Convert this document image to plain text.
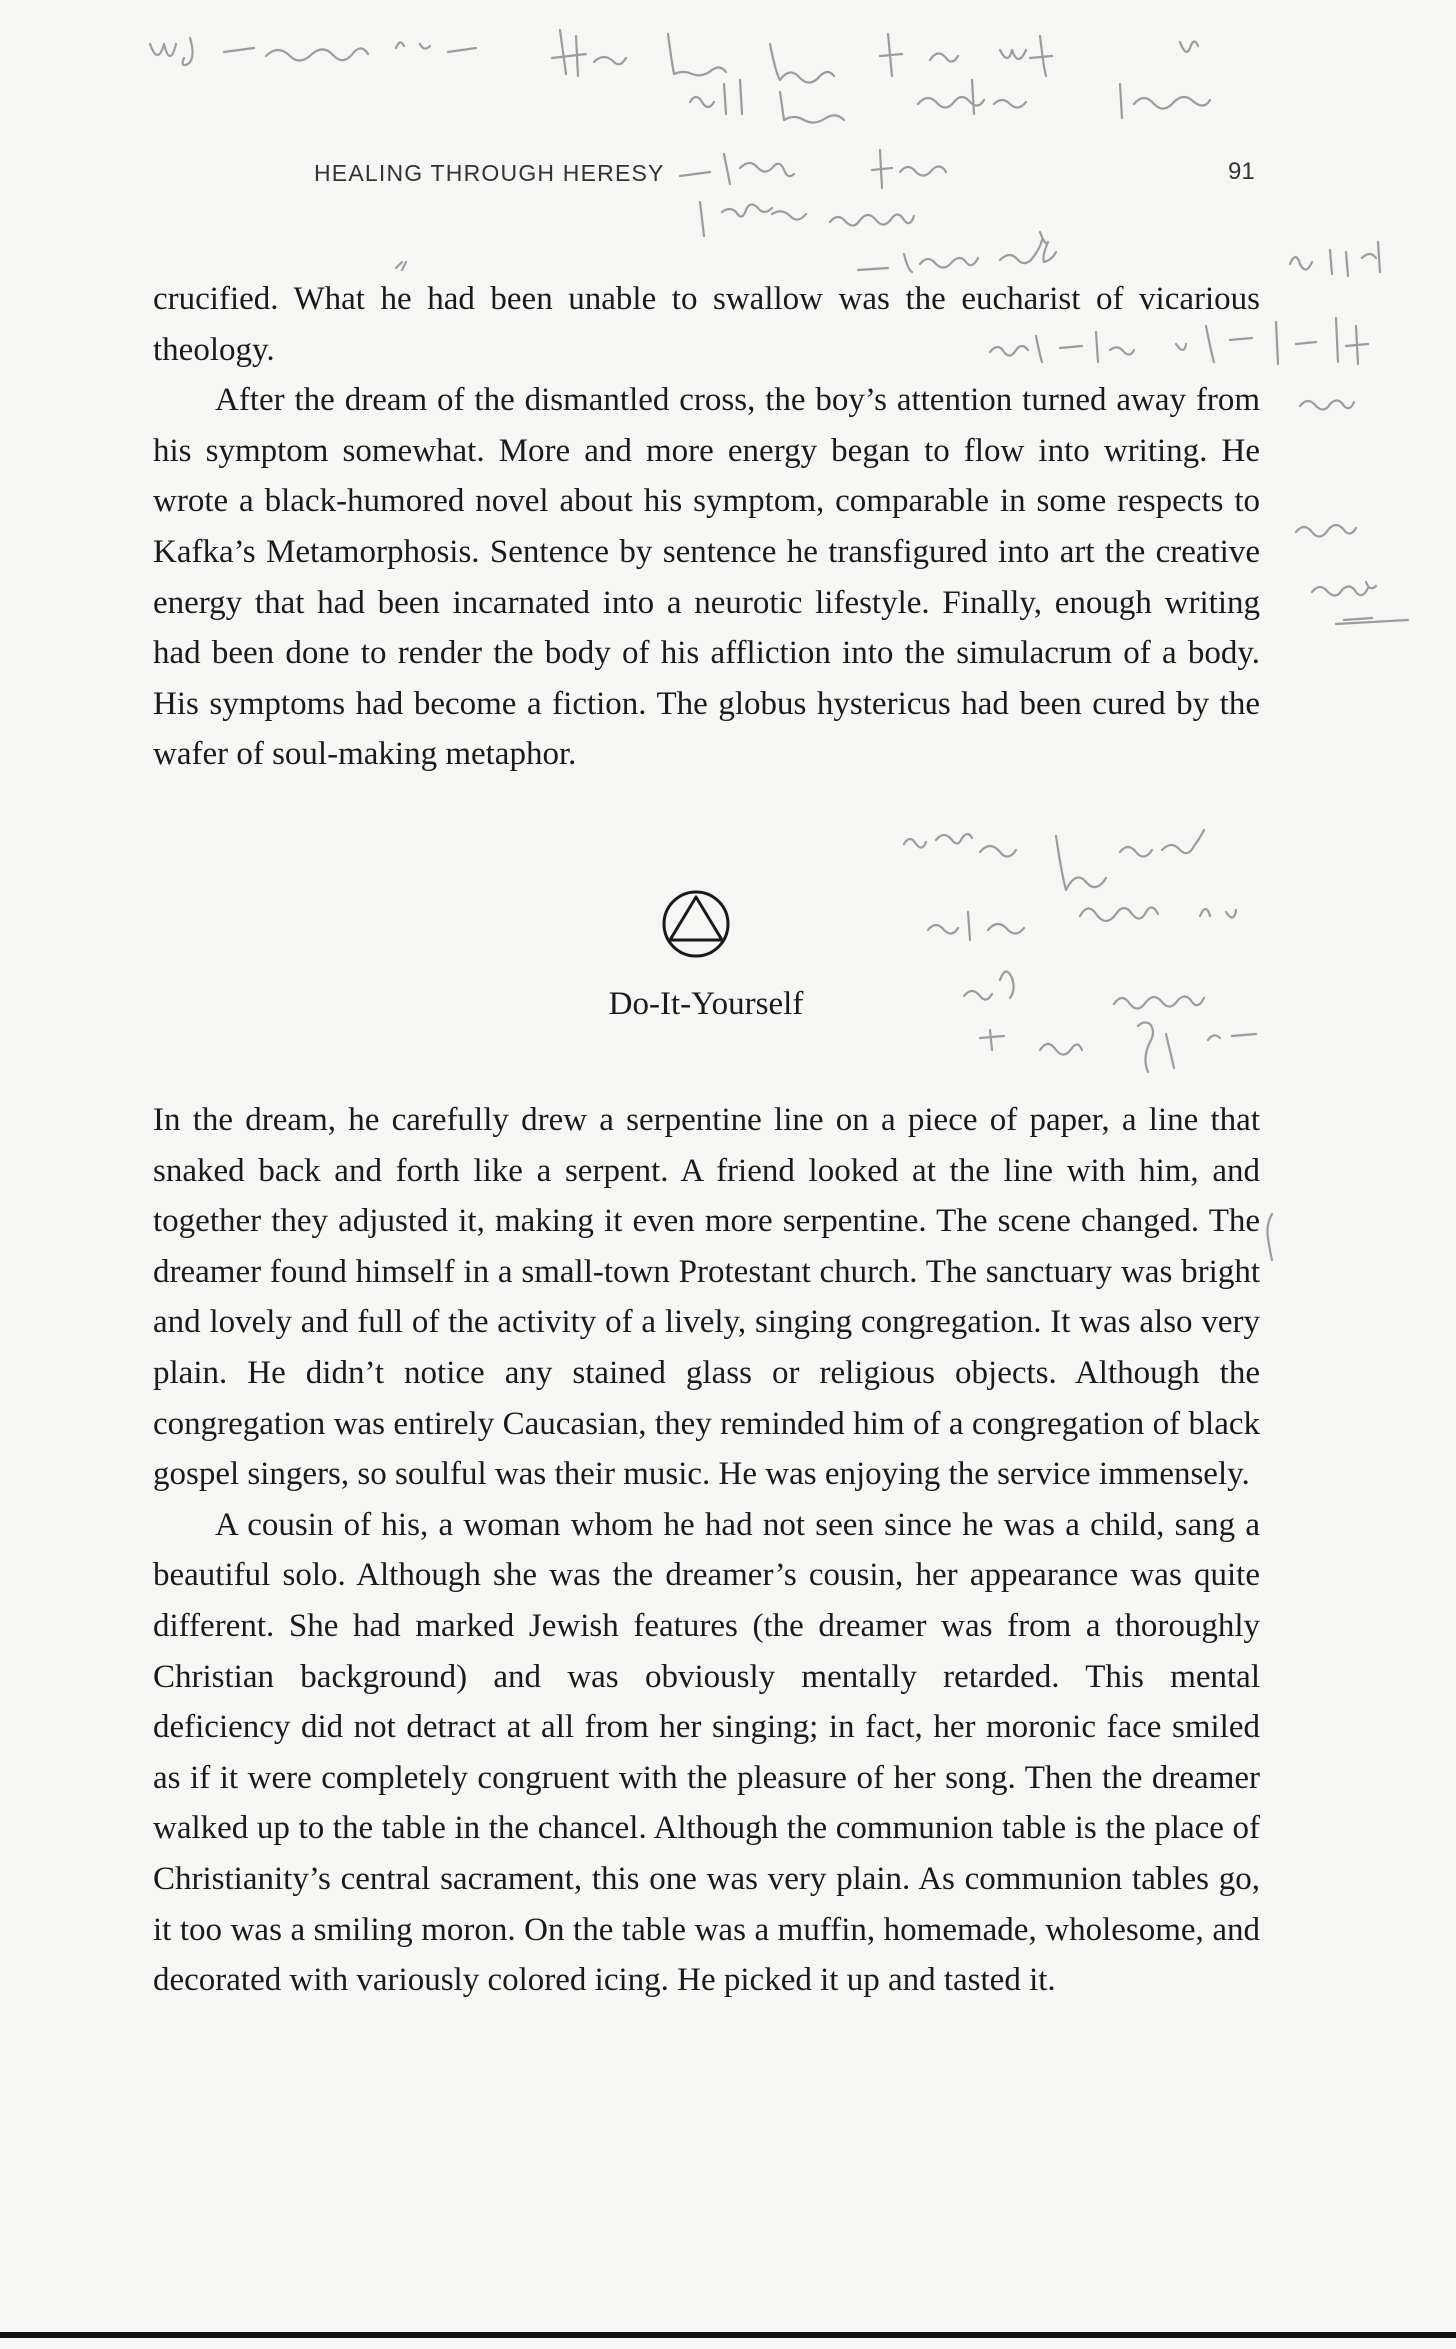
HEALING THROUGH HERESY	91

crucified. What he had been unable to swallow was the eucharist of vicarious theology.

After the dream of the dismantled cross, the boy’s attention turned away from his symptom somewhat. More and more energy began to flow into writing. He wrote a black-humored novel about his symptom, comparable in some respects to Kafka’s Metamorphosis. Sentence by sentence he transfigured into art the creative energy that had been incarnated into a neurotic lifestyle. Finally, enough writing had been done to render the body of his affliction into the simulacrum of a body. His symptoms had become a fiction. The globus hystericus had been cured by the wafer of soul-making metaphor.

Do-It-Yourself

In the dream, he carefully drew a serpentine line on a piece of paper, a line that snaked back and forth like a serpent. A friend looked at the line with him, and together they adjusted it, making it even more serpentine. The scene changed. The dreamer found himself in a small-town Protestant church. The sanctuary was bright and lovely and full of the activity of a lively, singing congregation. It was also very plain. He didn’t notice any stained glass or religious objects. Although the congregation was entirely Caucasian, they reminded him of a congregation of black gospel singers, so soulful was their music. He was enjoying the service immensely.

A cousin of his, a woman whom he had not seen since he was a child, sang a beautiful solo. Although she was the dreamer’s cousin, her appearance was quite different. She had marked Jewish features (the dreamer was from a thoroughly Christian background) and was obviously mentally retarded. This mental deficiency did not detract at all from her singing; in fact, her moronic face smiled as if it were completely congruent with the pleasure of her song. Then the dreamer walked up to the table in the chancel. Although the communion table is the place of Christianity’s central sacrament, this one was very plain. As communion tables go, it too was a smiling moron. On the table was a muffin, homemade, wholesome, and decorated with variously colored icing. He picked it up and tasted it.
